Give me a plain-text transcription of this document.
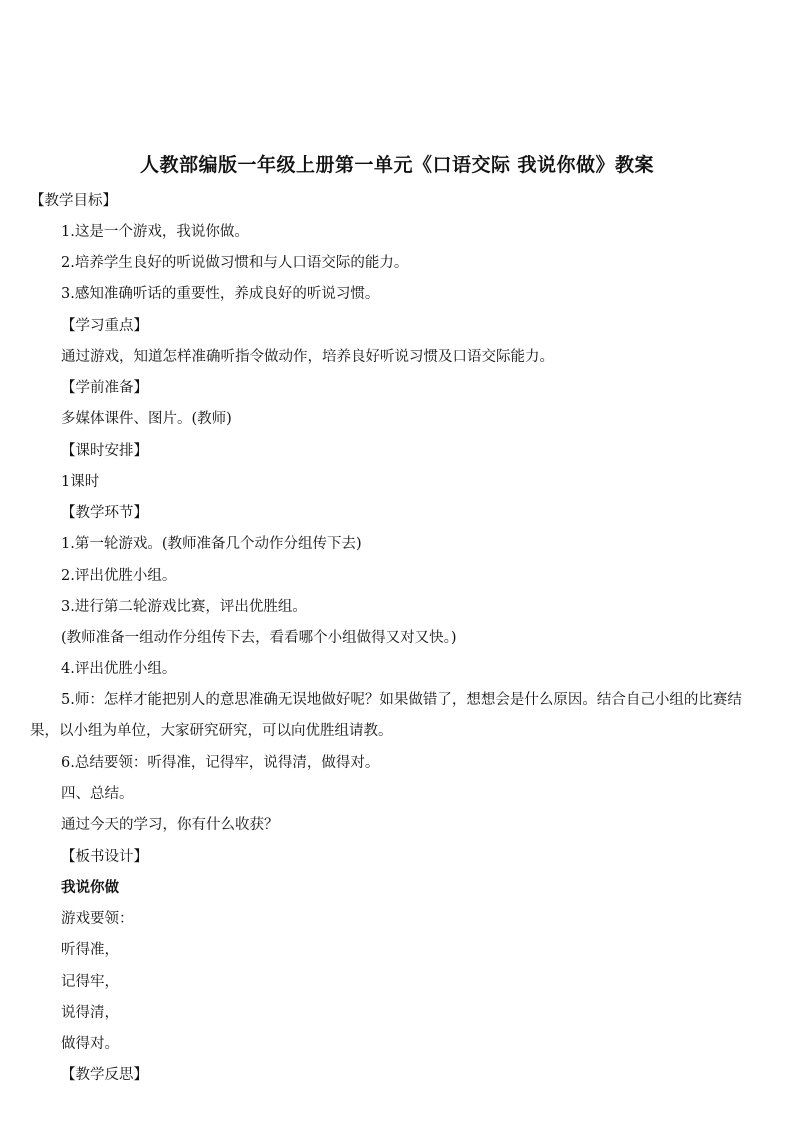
人教部编版一年级上册第一单元《口语交际 我说你做》教案
【教学目标】
1.这是一个游戏，我说你做。
2.培养学生良好的听说做习惯和与人口语交际的能力。
3.感知准确听话的重要性，养成良好的听说习惯。
【学习重点】
通过游戏，知道怎样准确听指令做动作，培养良好听说习惯及口语交际能力。
【学前准备】
多媒体课件、图片。(教师)
【课时安排】
1课时
【教学环节】
1.第一轮游戏。(教师准备几个动作分组传下去)
2.评出优胜小组。
3.进行第二轮游戏比赛，评出优胜组。
(教师准备一组动作分组传下去，看看哪个小组做得又对又快。)
4.评出优胜小组。
5.师：怎样才能把别人的意思准确无误地做好呢？如果做错了，想想会是什么原因。结合自己小组的比赛结果，以小组为单位，大家研究研究，可以向优胜组请教。
6.总结要领：听得准，记得牢，说得清，做得对。
四、总结。
通过今天的学习，你有什么收获？
【板书设计】
我说你做
游戏要领：
听得准，
记得牢，
说得清，
做得对。
【教学反思】
